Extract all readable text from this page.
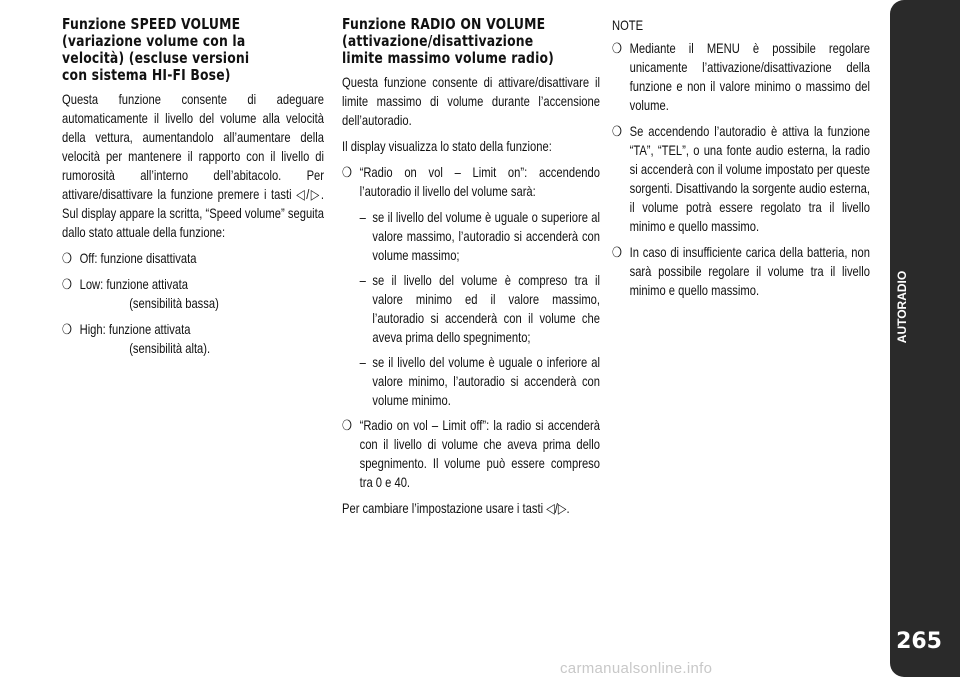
Funzione SPEED VOLUME
(variazione volume con la
velocità) (escluse versioni
con sistema HI-FI Bose)

Questa funzione consente di adeguare automaticamente il livello del volume alla velocità della vettura, aumentandolo all’aumentare della velocità per mantenere il rapporto con il livello di rumorosità all’interno dell’abitacolo. Per attivare/disattivare la funzione premere i tasti ◁/▷. Sul display appare la scritta, “Speed volume” seguita dallo stato attuale della funzione:

❍ Off: funzione disattivata
❍ Low: funzione attivata
(sensibilità bassa)
❍ High: funzione attivata
(sensibilità alta).
Funzione RADIO ON VOLUME
(attivazione/disattivazione
limite massimo volume radio)

Questa funzione consente di attivare/disattivare il limite massimo di volume durante l’accensione dell’autoradio.

Il display visualizza lo stato della funzione:

❍ “Radio on vol – Limit on”: accendendo l’autoradio il livello del volume sarà:
– se il livello del volume è uguale o superiore al valore massimo, l’autoradio si accenderà con volume massimo;
– se il livello del volume è compreso tra il valore minimo ed il valore massimo, l’autoradio si accenderà con il volume che aveva prima dello spegnimento;
– se il livello del volume è uguale o inferiore al valore minimo, l’autoradio si accenderà con volume minimo.
❍ “Radio on vol – Limit off”: la radio si accenderà con il livello di volume che aveva prima dello spegnimento. Il volume può essere compreso tra 0 e 40.

Per cambiare l’impostazione usare i tasti ◁/▷.

NOTE

❍ Mediante il MENU è possibile regolare unicamente l’attivazione/disattivazione della funzione e non il valore minimo o massimo del volume.
❍ Se accendendo l’autoradio è attiva la funzione “TA”, “TEL”, o una fonte audio esterna, la radio si accenderà con il volume impostato per queste sorgenti. Disattivando la sorgente audio esterna, il volume potrà essere regolato tra il livello minimo e quello massimo.
❍ In caso di insufficiente carica della batteria, non sarà possibile regolare il volume tra il livello minimo e quello massimo.	AUTORADIO
265
carmanualsonline.info
